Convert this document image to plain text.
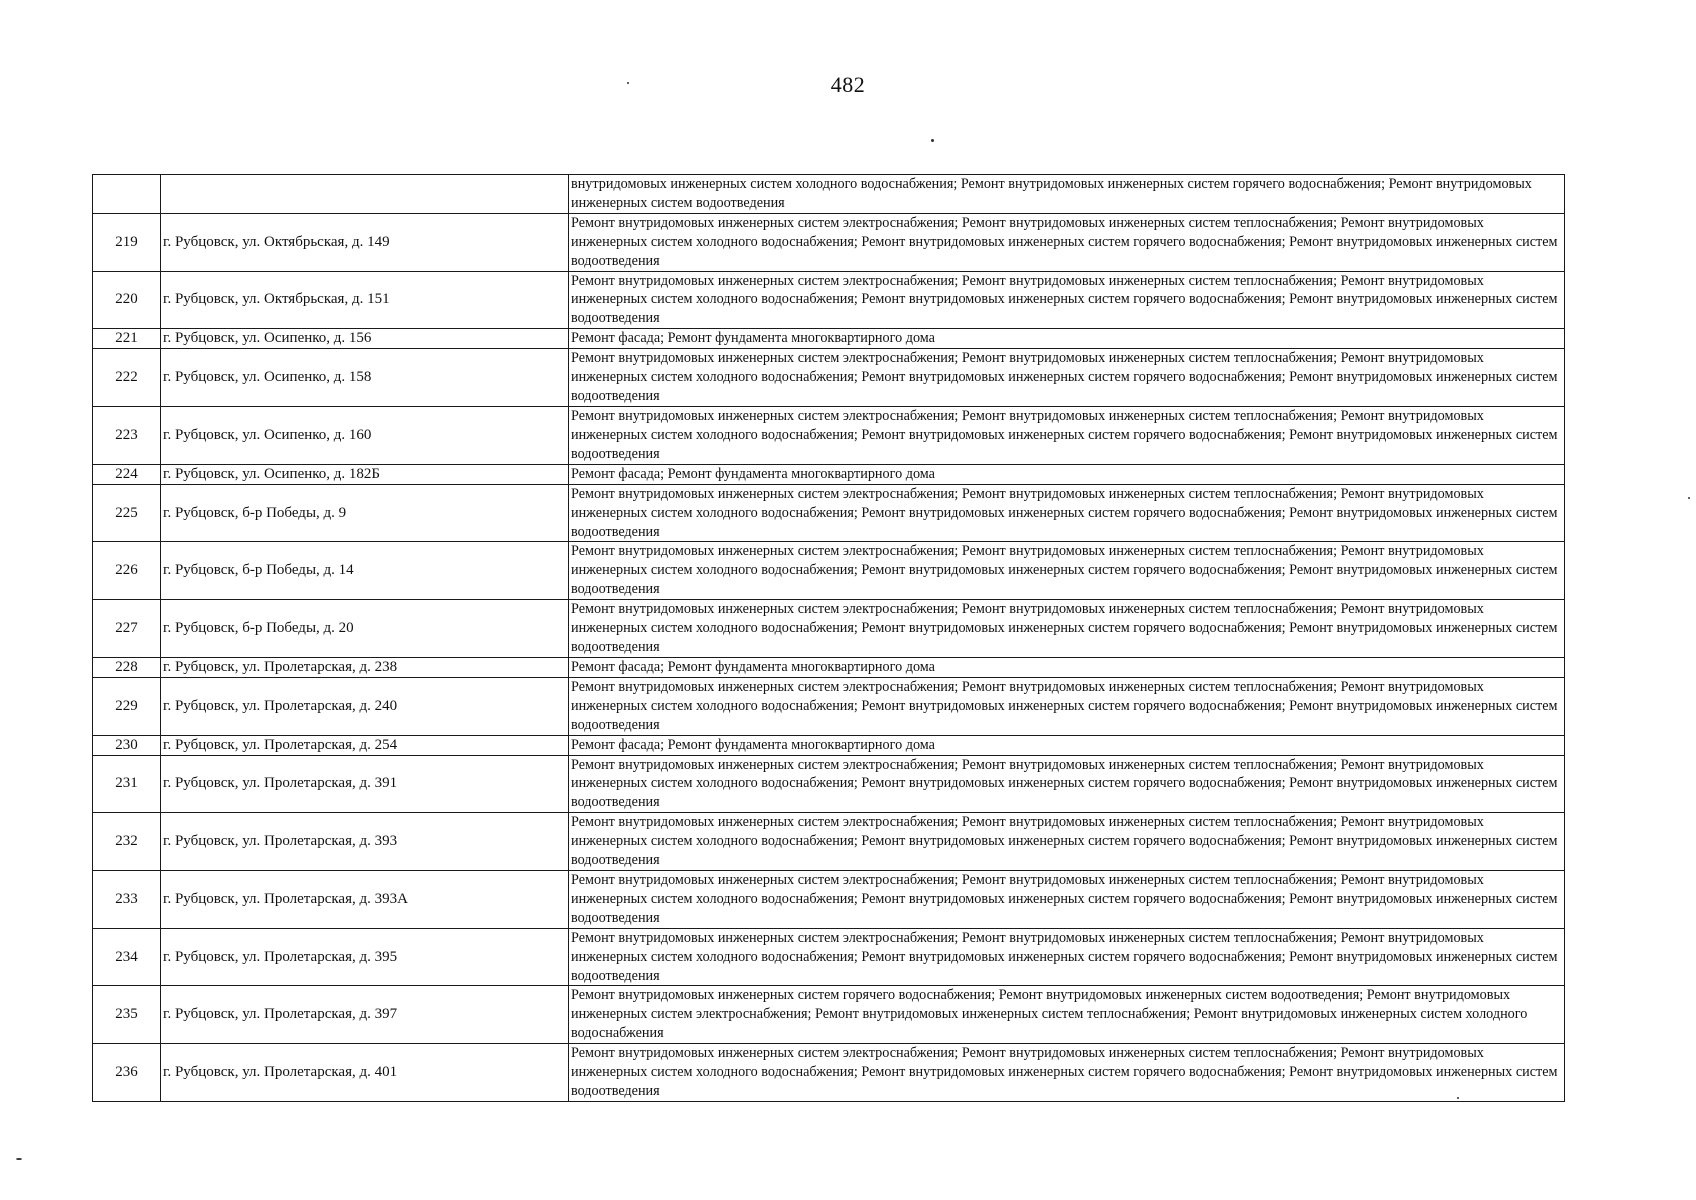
482

		внутридомовых инженерных систем холодного водоснабжения; Ремонт внутридомовых инженерных систем горячего водоснабжения; Ремонт внутридомовых инженерных систем водоотведения

219	г. Рубцовск, ул. Октябрьская, д. 149	Ремонт внутридомовых инженерных систем электроснабжения; Ремонт внутридомовых инженерных систем теплоснабжения; Ремонт внутридомовых инженерных систем холодного водоснабжения; Ремонт внутридомовых инженерных систем горячего водоснабжения; Ремонт внутридомовых инженерных систем водоотведения

220	г. Рубцовск, ул. Октябрьская, д. 151	Ремонт внутридомовых инженерных систем электроснабжения; Ремонт внутридомовых инженерных систем теплоснабжения; Ремонт внутридомовых инженерных систем холодного водоснабжения; Ремонт внутридомовых инженерных систем горячего водоснабжения; Ремонт внутридомовых инженерных систем водоотведения

221	г. Рубцовск, ул. Осипенко, д. 156	Ремонт фасада; Ремонт фундамента многоквартирного дома

222	г. Рубцовск, ул. Осипенко, д. 158	Ремонт внутридомовых инженерных систем электроснабжения; Ремонт внутридомовых инженерных систем теплоснабжения; Ремонт внутридомовых инженерных систем холодного водоснабжения; Ремонт внутридомовых инженерных систем горячего водоснабжения; Ремонт внутридомовых инженерных систем водоотведения

223	г. Рубцовск, ул. Осипенко, д. 160	Ремонт внутридомовых инженерных систем электроснабжения; Ремонт внутридомовых инженерных систем теплоснабжения; Ремонт внутридомовых инженерных систем холодного водоснабжения; Ремонт внутридомовых инженерных систем горячего водоснабжения; Ремонт внутридомовых инженерных систем водоотведения

224	г. Рубцовск, ул. Осипенко, д. 182Б	Ремонт фасада; Ремонт фундамента многоквартирного дома

225	г. Рубцовск, б-р Победы, д. 9	Ремонт внутридомовых инженерных систем электроснабжения; Ремонт внутридомовых инженерных систем теплоснабжения; Ремонт внутридомовых инженерных систем холодного водоснабжения; Ремонт внутридомовых инженерных систем горячего водоснабжения; Ремонт внутридомовых инженерных систем водоотведения

226	г. Рубцовск, б-р Победы, д. 14	Ремонт внутридомовых инженерных систем электроснабжения; Ремонт внутридомовых инженерных систем теплоснабжения; Ремонт внутридомовых инженерных систем холодного водоснабжения; Ремонт внутридомовых инженерных систем горячего водоснабжения; Ремонт внутридомовых инженерных систем водоотведения

227	г. Рубцовск, б-р Победы, д. 20	Ремонт внутридомовых инженерных систем электроснабжения; Ремонт внутридомовых инженерных систем теплоснабжения; Ремонт внутридомовых инженерных систем холодного водоснабжения; Ремонт внутридомовых инженерных систем горячего водоснабжения; Ремонт внутридомовых инженерных систем водоотведения

228	г. Рубцовск, ул. Пролетарская, д. 238	Ремонт фасада; Ремонт фундамента многоквартирного дома

229	г. Рубцовск, ул. Пролетарская, д. 240	Ремонт внутридомовых инженерных систем электроснабжения; Ремонт внутридомовых инженерных систем теплоснабжения; Ремонт внутридомовых инженерных систем холодного водоснабжения; Ремонт внутридомовых инженерных систем горячего водоснабжения; Ремонт внутридомовых инженерных систем водоотведения

230	г. Рубцовск, ул. Пролетарская, д. 254	Ремонт фасада; Ремонт фундамента многоквартирного дома

231	г. Рубцовск, ул. Пролетарская, д. 391	Ремонт внутридомовых инженерных систем электроснабжения; Ремонт внутридомовых инженерных систем теплоснабжения; Ремонт внутридомовых инженерных систем холодного водоснабжения; Ремонт внутридомовых инженерных систем горячего водоснабжения; Ремонт внутридомовых инженерных систем водоотведения

232	г. Рубцовск, ул. Пролетарская, д. 393	Ремонт внутридомовых инженерных систем электроснабжения; Ремонт внутридомовых инженерных систем теплоснабжения; Ремонт внутридомовых инженерных систем холодного водоснабжения; Ремонт внутридомовых инженерных систем горячего водоснабжения; Ремонт внутридомовых инженерных систем водоотведения

233	г. Рубцовск, ул. Пролетарская, д. 393А	Ремонт внутридомовых инженерных систем электроснабжения; Ремонт внутридомовых инженерных систем теплоснабжения; Ремонт внутридомовых инженерных систем холодного водоснабжения; Ремонт внутридомовых инженерных систем горячего водоснабжения; Ремонт внутридомовых инженерных систем водоотведения

234	г. Рубцовск, ул. Пролетарская, д. 395	Ремонт внутридомовых инженерных систем электроснабжения; Ремонт внутридомовых инженерных систем теплоснабжения; Ремонт внутридомовых инженерных систем холодного водоснабжения; Ремонт внутридомовых инженерных систем горячего водоснабжения; Ремонт внутридомовых инженерных систем водоотведения

235	г. Рубцовск, ул. Пролетарская, д. 397	Ремонт внутридомовых инженерных систем горячего водоснабжения; Ремонт внутридомовых инженерных систем водоотведения; Ремонт внутридомовых инженерных систем электроснабжения; Ремонт внутридомовых инженерных систем теплоснабжения; Ремонт внутридомовых инженерных систем холодного водоснабжения

236	г. Рубцовск, ул. Пролетарская, д. 401	Ремонт внутридомовых инженерных систем электроснабжения; Ремонт внутридомовых инженерных систем теплоснабжения; Ремонт внутридомовых инженерных систем холодного водоснабжения; Ремонт внутридомовых инженерных систем горячего водоснабжения; Ремонт внутридомовых инженерных систем водоотведения
